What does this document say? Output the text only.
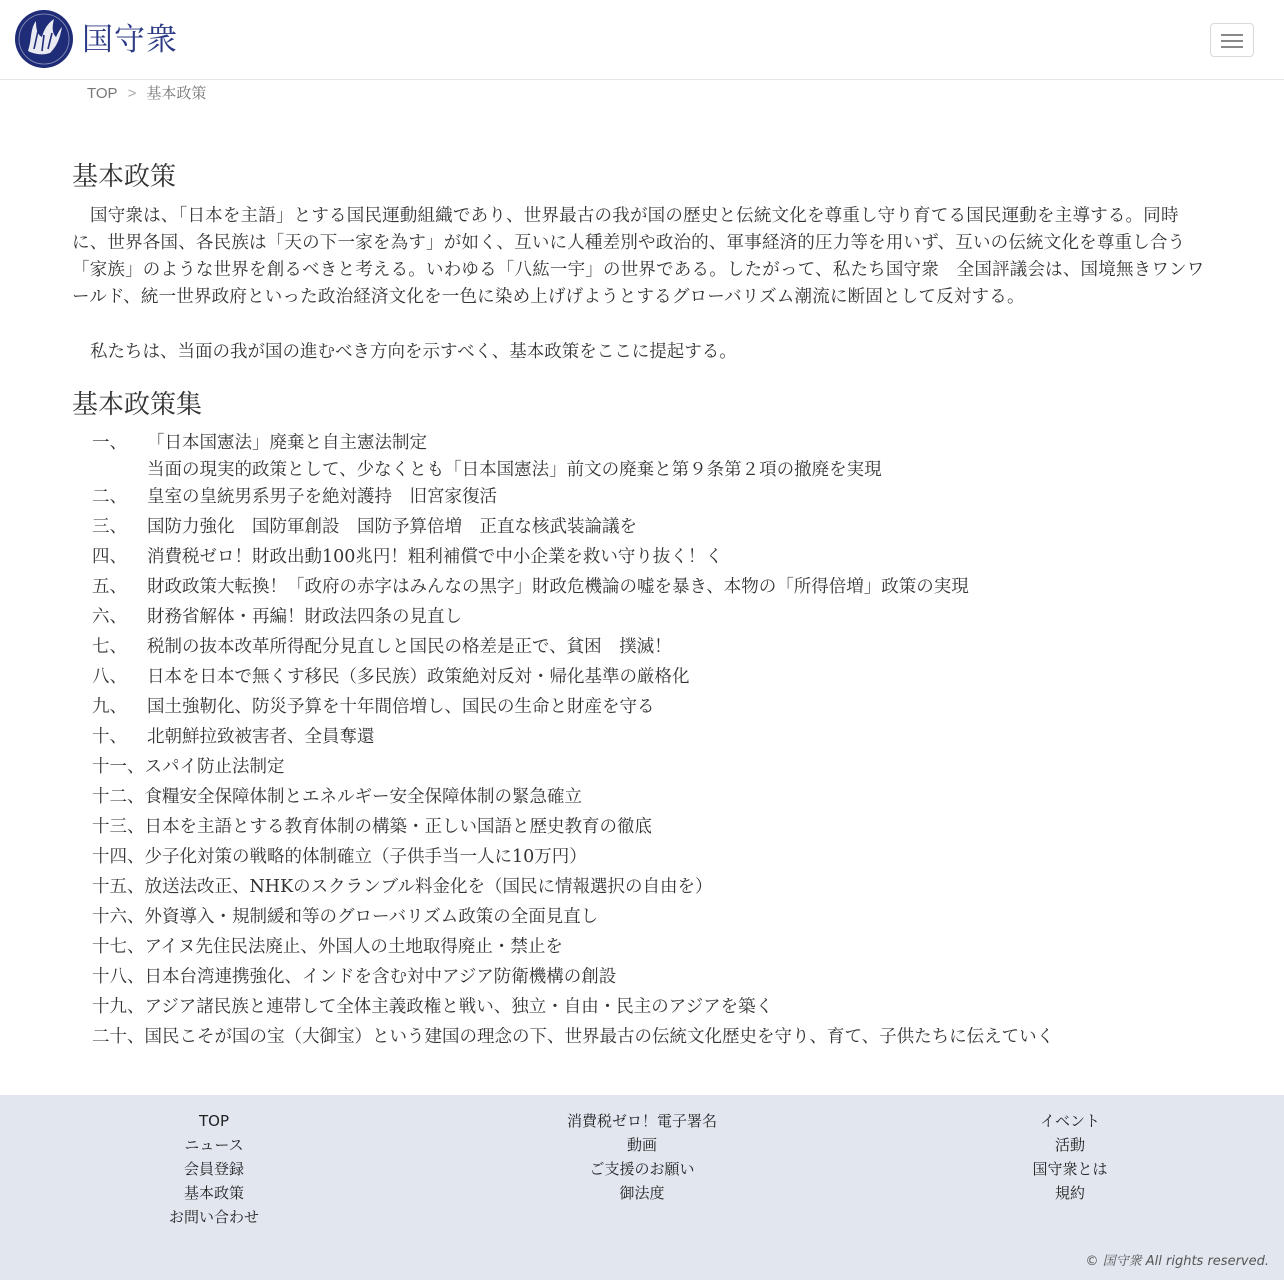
国守衆
TOP > 基本政策
基本政策

国守衆は、「日本を主語」とする国民運動組織であり、世界最古の我が国の歴史と伝統文化を尊重し守り育てる国民運動を主導する。同時に、世界各国、各民族は「天の下一家を為す」が如く、互いに人種差別や政治的、軍事経済的圧力等を用いず、互いの伝統文化を尊重し合う「家族」のような世界を創るべきと考える。いわゆる「八紘一宇」の世界である。したがって、私たち国守衆　全国評議会は、国境無きワンワールド、統一世界政府といった政治経済文化を一色に染め上げげようとするグローバリズム潮流に断固として反対する。

私たちは、当面の我が国の進むべき方向を示すべく、基本政策をここに提起する。

基本政策集
一、 「日本国憲法」廃棄と自主憲法制定
当面の現実的政策として、少なくとも「日本国憲法」前文の廃棄と第９条第２項の撤廃を実現
二、 皇室の皇統男系男子を絶対護持　旧宮家復活
三、 国防力強化　国防軍創設　国防予算倍増　正直な核武装論議を
四、 消費税ゼロ！財政出動100兆円！粗利補償で中小企業を救い守り抜く！く
五、 財政政策大転換！「政府の赤字はみんなの黒字」財政危機論の嘘を暴き、本物の「所得倍増」政策の実現
六、 財務省解体・再編！財政法四条の見直し
七、 税制の抜本改革所得配分見直しと国民の格差是正で、貧困　撲滅！
八、 日本を日本で無くす移民（多民族）政策絶対反対・帰化基準の厳格化
九、 国土強靭化、防災予算を十年間倍増し、国民の生命と財産を守る
十、 北朝鮮拉致被害者、全員奪還
十一、スパイ防止法制定
十二、食糧安全保障体制とエネルギー安全保障体制の緊急確立
十三、日本を主語とする教育体制の構築・正しい国語と歴史教育の徹底
十四、少子化対策の戦略的体制確立（子供手当一人に10万円）
十五、放送法改正、NHKのスクランブル料金化を（国民に情報選択の自由を）
十六、外資導入・規制緩和等のグローバリズム政策の全面見直し
十七、アイヌ先住民法廃止、外国人の土地取得廃止・禁止を
十八、日本台湾連携強化、インドを含む対中アジア防衛機構の創設
十九、アジア諸民族と連帯して全体主義政権と戦い、独立・自由・民主のアジアを築く
二十、国民こそが国の宝（大御宝）という建国の理念の下、世界最古の伝統文化歴史を守り、育て、子供たちに伝えていく
TOP
ニュース
会員登録
基本政策
お問い合わせ
消費税ゼロ！電子署名
動画
ご支援のお願い
御法度
イベント
活動
国守衆とは
規約
© 国守衆 All rights reserved.
